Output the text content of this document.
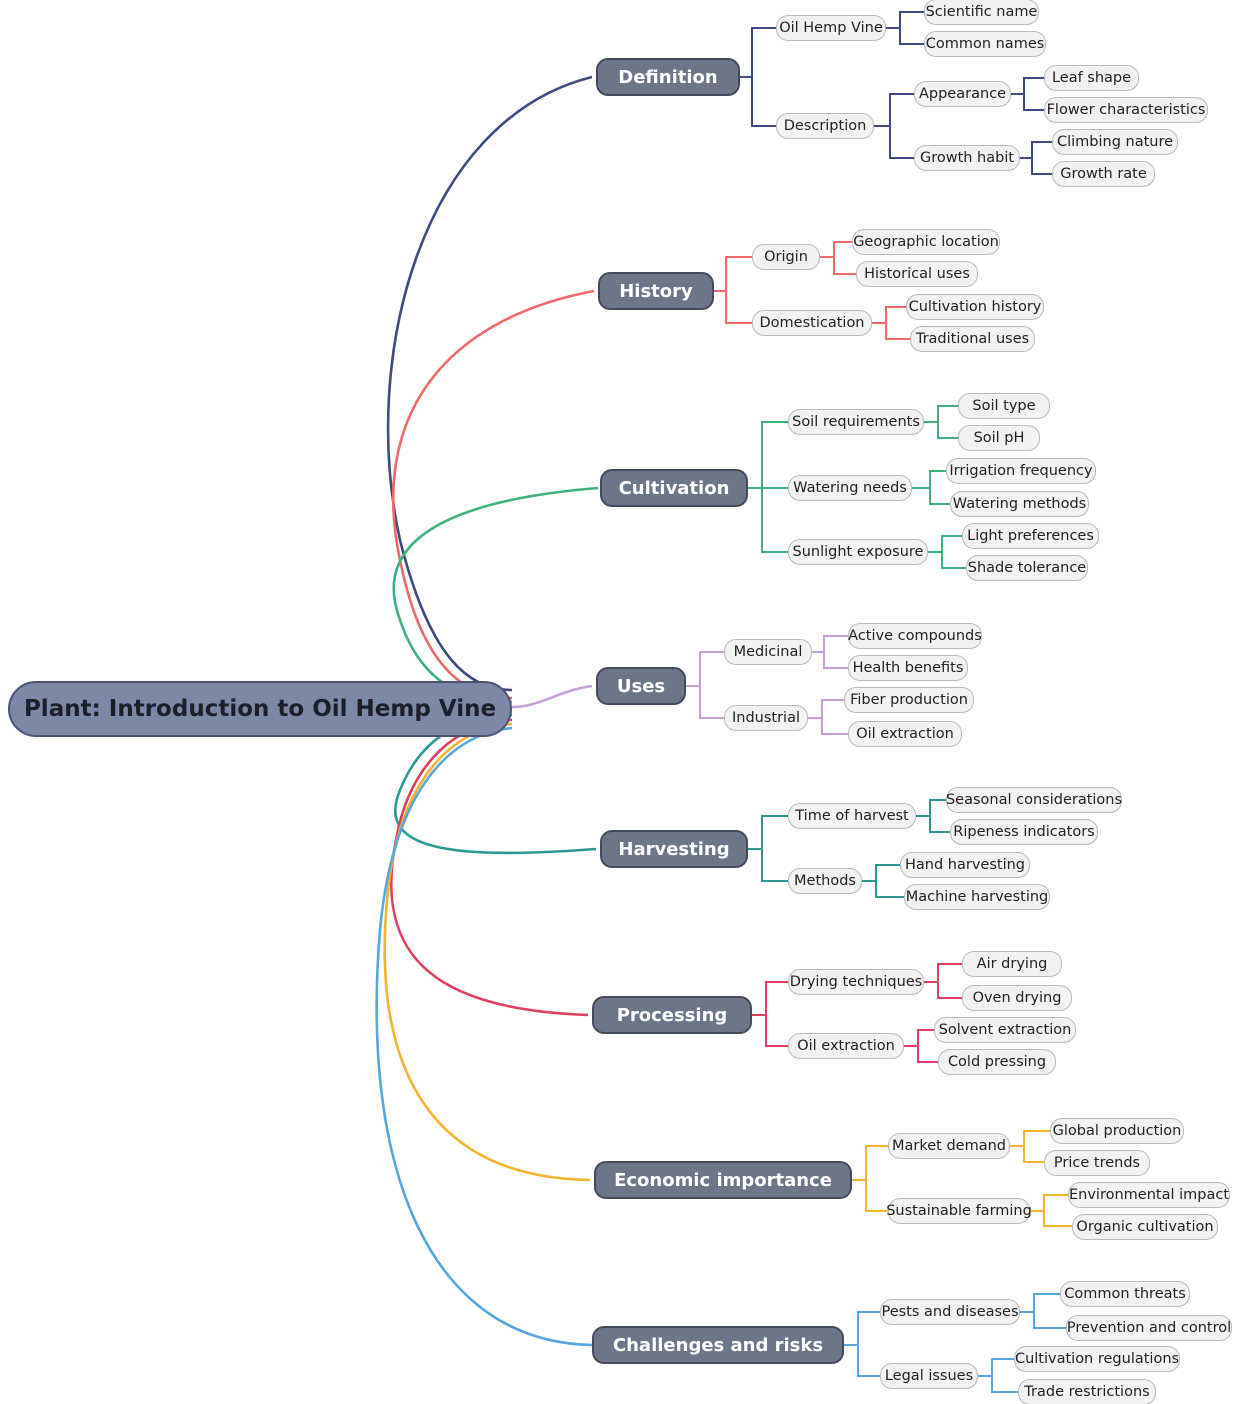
Plant: Introduction to Oil Hemp Vine
Definition
Oil Hemp Vine
Scientific name
Common names
Description
Appearance
Leaf shape
Flower characteristics
Growth habit
Climbing nature
Growth rate
History
Origin
Geographic location
Historical uses
Domestication
Cultivation history
Traditional uses
Cultivation
Soil requirements
Soil type
Soil pH
Watering needs
Irrigation frequency
Watering methods
Sunlight exposure
Light preferences
Shade tolerance
Uses
Medicinal
Active compounds
Health benefits
Industrial
Fiber production
Oil extraction
Harvesting
Time of harvest
Seasonal considerations
Ripeness indicators
Methods
Hand harvesting
Machine harvesting
Processing
Drying techniques
Air drying
Oven drying
Oil extraction
Solvent extraction
Cold pressing
Economic importance
Market demand
Global production
Price trends
Sustainable farming
Environmental impact
Organic cultivation
Challenges and risks
Pests and diseases
Common threats
Prevention and control
Legal issues
Cultivation regulations
Trade restrictions
